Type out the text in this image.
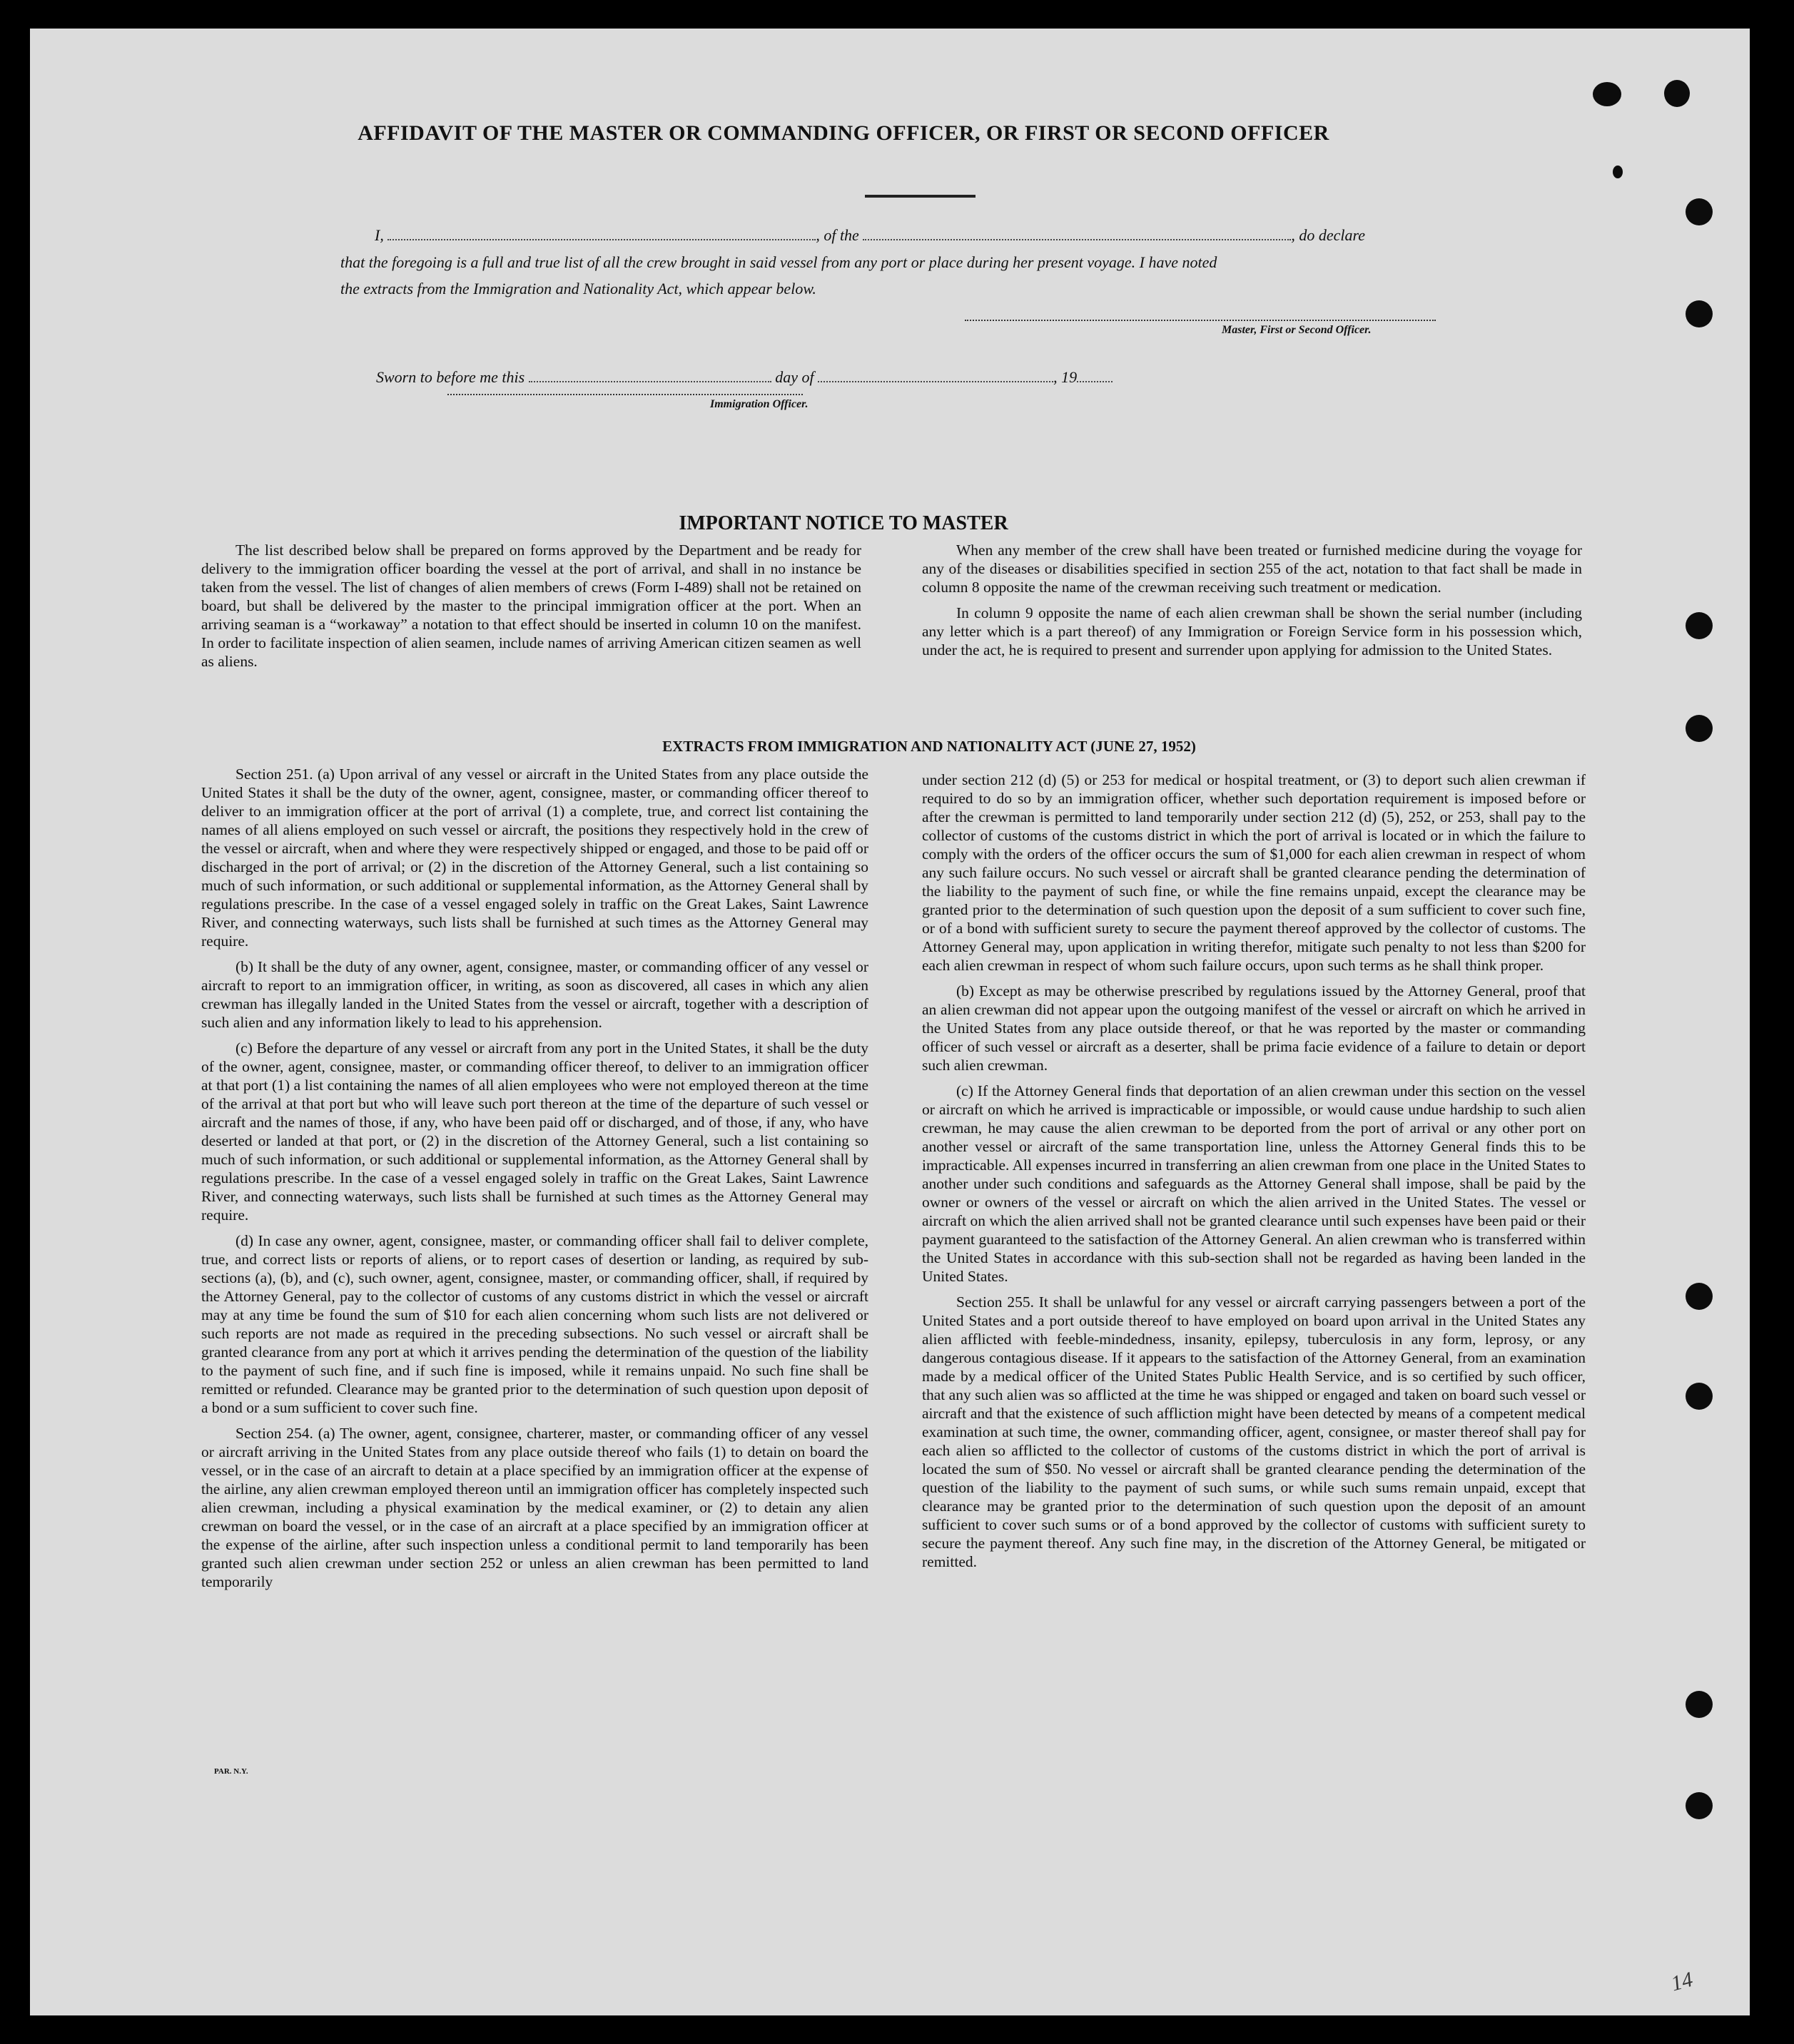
AFFIDAVIT OF THE MASTER OR COMMANDING OFFICER, OR FIRST OR SECOND OFFICER
I,	, of the	, do declare
that the foregoing is a full and true list of all the crew brought in said vessel from any port or place during her present voyage. I have noted
the extracts from the Immigration and Nationality Act, which appear below.
Master, First or Second Officer.
Sworn to before me this	day of	, 19
Immigration Officer.
IMPORTANT NOTICE TO MASTER

The list described below shall be prepared on forms approved by the Department and be ready for delivery to the immigration officer boarding the vessel at the port of arrival, and shall in no instance be taken from the vessel. The list of changes of alien members of crews (Form I-489) shall not be retained on board, but shall be delivered by the master to the principal immigration officer at the port. When an arriving seaman is a “workaway” a notation to that effect should be inserted in column 10 on the manifest. In order to facilitate inspection of alien seamen, include names of arriving American citizen seamen as well as aliens.

When any member of the crew shall have been treated or furnished medicine during the voyage for any of the diseases or disabilities specified in section 255 of the act, notation to that fact shall be made in column 8 opposite the name of the crewman receiving such treatment or medication.

In column 9 opposite the name of each alien crewman shall be shown the serial number (including any letter which is a part thereof) of any Immigration or Foreign Service form in his possession which, under the act, he is required to present and surrender upon applying for admission to the United States.

EXTRACTS FROM IMMIGRATION AND NATIONALITY ACT (JUNE 27, 1952)

Section 251. (a) Upon arrival of any vessel or aircraft in the United States from any place outside the United States it shall be the duty of the owner, agent, consignee, master, or commanding officer thereof to deliver to an immigration officer at the port of arrival (1) a complete, true, and correct list containing the names of all aliens employed on such vessel or aircraft, the positions they respectively hold in the crew of the vessel or aircraft, when and where they were respectively shipped or engaged, and those to be paid off or discharged in the port of arrival; or (2) in the discretion of the Attorney General, such a list containing so much of such information, or such additional or supplemental information, as the Attorney General shall by regulations prescribe. In the case of a vessel engaged solely in traffic on the Great Lakes, Saint Lawrence River, and connecting waterways, such lists shall be furnished at such times as the Attorney General may require.

(b) It shall be the duty of any owner, agent, consignee, master, or commanding officer of any vessel or aircraft to report to an immigration officer, in writing, as soon as discovered, all cases in which any alien crewman has illegally landed in the United States from the vessel or aircraft, together with a description of such alien and any information likely to lead to his apprehension.

(c) Before the departure of any vessel or aircraft from any port in the United States, it shall be the duty of the owner, agent, consignee, master, or commanding officer thereof, to deliver to an immigration officer at that port (1) a list containing the names of all alien employees who were not employed thereon at the time of the arrival at that port but who will leave such port thereon at the time of the departure of such vessel or aircraft and the names of those, if any, who have been paid off or discharged, and of those, if any, who have deserted or landed at that port, or (2) in the discretion of the Attorney General, such a list containing so much of such information, or such additional or supplemental information, as the Attorney General shall by regulations prescribe. In the case of a vessel engaged solely in traffic on the Great Lakes, Saint Lawrence River, and connecting waterways, such lists shall be furnished at such times as the Attorney General may require.

(d) In case any owner, agent, consignee, master, or commanding officer shall fail to deliver complete, true, and correct lists or reports of aliens, or to report cases of desertion or landing, as required by sub-sections (a), (b), and (c), such owner, agent, consignee, master, or commanding officer, shall, if required by the Attorney General, pay to the collector of customs of any customs district in which the vessel or aircraft may at any time be found the sum of $10 for each alien concerning whom such lists are not delivered or such reports are not made as required in the preceding subsections. No such vessel or aircraft shall be granted clearance from any port at which it arrives pending the determination of the question of the liability to the payment of such fine, and if such fine is imposed, while it remains unpaid. No such fine shall be remitted or refunded. Clearance may be granted prior to the determination of such question upon deposit of a bond or a sum sufficient to cover such fine.

Section 254. (a) The owner, agent, consignee, charterer, master, or commanding officer of any vessel or aircraft arriving in the United States from any place outside thereof who fails (1) to detain on board the vessel, or in the case of an aircraft to detain at a place specified by an immigration officer at the expense of the airline, any alien crewman employed thereon until an immigration officer has completely inspected such alien crewman, including a physical examination by the medical examiner, or (2) to detain any alien crewman on board the vessel, or in the case of an aircraft at a place specified by an immigration officer at the expense of the airline, after such inspection unless a conditional permit to land temporarily has been granted such alien crewman under section 252 or unless an alien crewman has been permitted to land temporarily

under section 212 (d) (5) or 253 for medical or hospital treatment, or (3) to deport such alien crewman if required to do so by an immigration officer, whether such deportation requirement is imposed before or after the crewman is permitted to land temporarily under section 212 (d) (5), 252, or 253, shall pay to the collector of customs of the customs district in which the port of arrival is located or in which the failure to comply with the orders of the officer occurs the sum of $1,000 for each alien crewman in respect of whom any such failure occurs. No such vessel or aircraft shall be granted clearance pending the determination of the liability to the payment of such fine, or while the fine remains unpaid, except the clearance may be granted prior to the determination of such question upon the deposit of a sum sufficient to cover such fine, or of a bond with sufficient surety to secure the payment thereof approved by the collector of customs. The Attorney General may, upon application in writing therefor, mitigate such penalty to not less than $200 for each alien crewman in respect of whom such failure occurs, upon such terms as he shall think proper.

(b) Except as may be otherwise prescribed by regulations issued by the Attorney General, proof that an alien crewman did not appear upon the outgoing manifest of the vessel or aircraft on which he arrived in the United States from any place outside thereof, or that he was reported by the master or commanding officer of such vessel or aircraft as a deserter, shall be prima facie evidence of a failure to detain or deport such alien crewman.

(c) If the Attorney General finds that deportation of an alien crewman under this section on the vessel or aircraft on which he arrived is impracticable or impossible, or would cause undue hardship to such alien crewman, he may cause the alien crewman to be deported from the port of arrival or any other port on another vessel or aircraft of the same transportation line, unless the Attorney General finds this to be impracticable. All expenses incurred in transferring an alien crewman from one place in the United States to another under such conditions and safeguards as the Attorney General shall impose, shall be paid by the owner or owners of the vessel or aircraft on which the alien arrived in the United States. The vessel or aircraft on which the alien arrived shall not be granted clearance until such expenses have been paid or their payment guaranteed to the satisfaction of the Attorney General. An alien crewman who is transferred within the United States in accordance with this sub-section shall not be regarded as having been landed in the United States.

Section 255. It shall be unlawful for any vessel or aircraft carrying passengers between a port of the United States and a port outside thereof to have employed on board upon arrival in the United States any alien afflicted with feeble-mindedness, insanity, epilepsy, tuberculosis in any form, leprosy, or any dangerous contagious disease. If it appears to the satisfaction of the Attorney General, from an examination made by a medical officer of the United States Public Health Service, and is so certified by such officer, that any such alien was so afflicted at the time he was shipped or engaged and taken on board such vessel or aircraft and that the existence of such affliction might have been detected by means of a competent medical examination at such time, the owner, commanding officer, agent, consignee, or master thereof shall pay for each alien so afflicted to the collector of customs of the customs district in which the port of arrival is located the sum of $50. No vessel or aircraft shall be granted clearance pending the determination of the question of the liability to the payment of such sums, or while such sums remain unpaid, except that clearance may be granted prior to the determination of such question upon the deposit of an amount sufficient to cover such sums or of a bond approved by the collector of customs with sufficient surety to secure the payment thereof. Any such fine may, in the discretion of the Attorney General, be mitigated or remitted.

PAR. N.Y.
14
